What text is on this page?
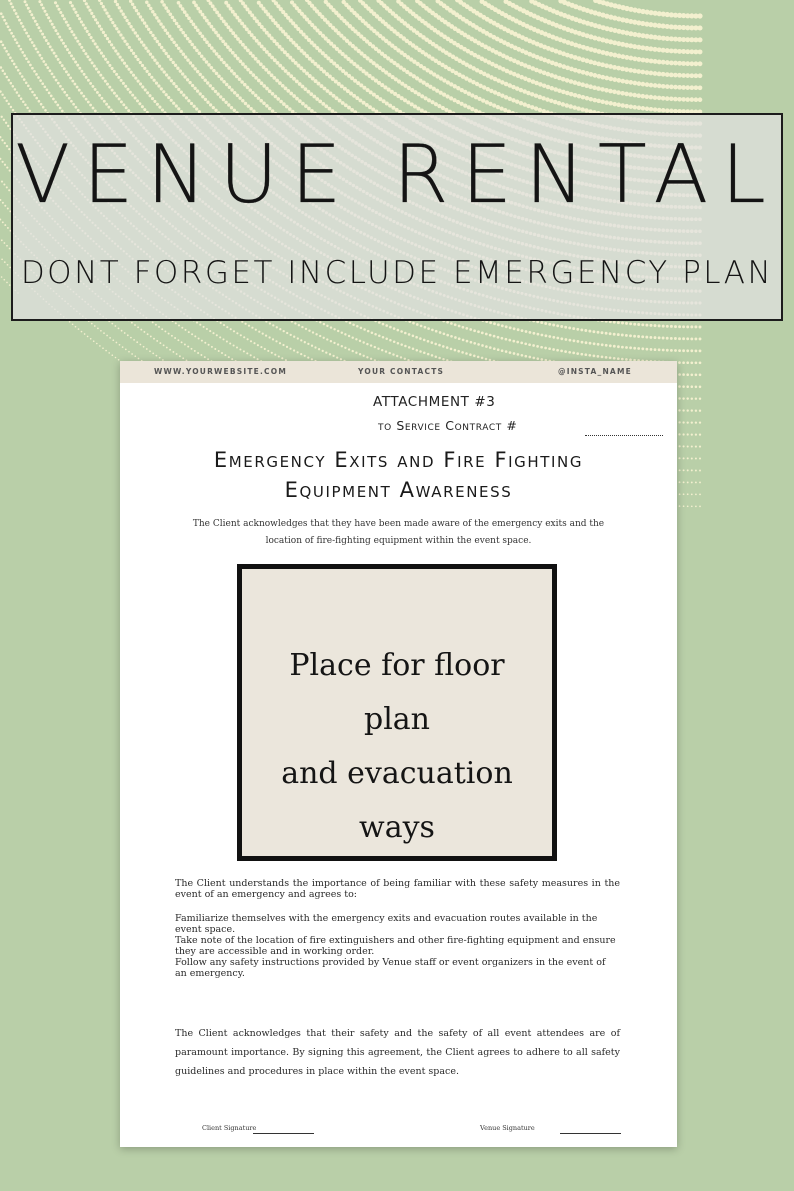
VENUE RENTAL
DONT FORGET INCLUDE EMERGENCY PLAN
WWW.YOURWEBSITE.COM	YOUR CONTACTS	@INSTA_NAME
ATTACHMENT #3
to Service Contract #
Emergency Exits and Fire Fighting
Equipment Awareness
The Client acknowledges that they have been made aware of the emergency exits and the location of fire-fighting equipment within the event space.
Place for floor plan
and evacuation
ways
The Client understands the importance of being familiar with these safety measures in the event of an emergency and agrees to:
Familiarize themselves with the emergency exits and evacuation routes available in the event space.
Take note of the location of fire extinguishers and other fire-fighting equipment and ensure they are accessible and in working order.
Follow any safety instructions provided by Venue staff or event organizers in the event of an emergency.
The Client acknowledges that their safety and the safety of all event attendees are of paramount importance. By signing this agreement, the Client agrees to adhere to all safety guidelines and procedures in place within the event space.
Client Signature	Venue Signature
